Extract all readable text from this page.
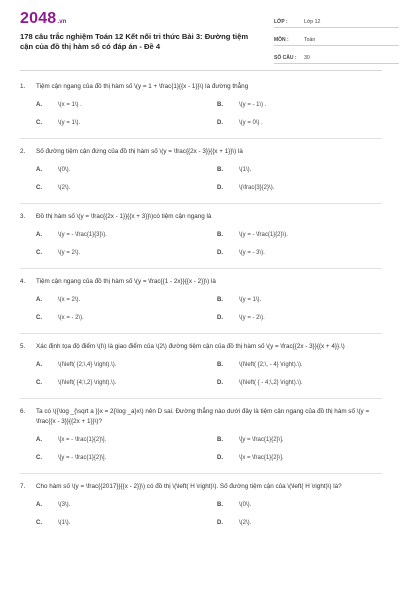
2048.vn
178 câu trắc nghiệm Toán 12 Kết nối tri thức Bài 3: Đường tiệm cận của đồ thị hàm số có đáp án - Đề 4
LỚP :	Lớp 12
MÔN :	Toán
SỐ CÂU :	30
1.	Tiệm cận ngang của đồ thị hàm số \(y = 1 + \frac{1}{{x - 1}}\) là đường thẳng
A.	\(x = 1\) .	B.	\(y = - 1\) .
C.	\(y = 1\).	D.	\(y = 0\) .
2.	Số đường tiệm cận đứng của đồ thị hàm số \(y = \frac{{2x - 3}}{{x + 1}}\) là
A.	\(0\).	B.	\(1\).
C.	\(2\).	D.	\(\frac{3}{2}\).
3.	Đồ thị hàm số \(y = \frac{{2x - 1}}{{x + 3}}\)có tiệm cận ngang là
A.	\(y = - \frac{1}{3}\).	B.	\(y = - \frac{1}{2}\).
C.	\(y = 2\).	D.	\(y = - 3\).
4.	Tiệm cận ngang của đồ thị hàm số \(y = \frac{{1 - 2x}}{{x - 2}}\) là
A.	\(x = 2\).	B.	\(y = 1\).
C.	\(x = - 2\).	D.	\(y = - 2\).
5.	Xác định tọa độ điểm \(I\) là giao điểm của \(2\) đường tiệm cận của đồ thị hàm số \(y = \frac{{2x - 3}}{{x + 4}}.\)
A.	\(I\left( {2;\,4} \right).\).	B.	\(I\left( {2;\, - 4} \right).\).
C.	\(I\left( {4;\,2} \right).\).	D.	\(I\left( { - 4;\,2} \right).\).
6.	Ta có \({\log _{\sqrt a }}x = 2{\log _a}x\) nên D sai. Đường thẳng nào dưới đây là tiệm cận ngang của đồ thị hàm số \(y = \frac{{x - 3}}{{2x + 1}}\)?
A.	\[x = - \frac{1}{2}\].	B.	\[y = \frac{1}{2}\].
C.	\[y = - \frac{1}{2}\].	D.	\[x = \frac{1}{2}\].
7.	Cho hàm số \(y = \frac{{2017}}{{x - 2}}\) có đồ thị \(\left( H \right)\). Số đường tiệm cận của \(\left( H \right)\) là?
A.	\(3\).	B.	\(0\).
C.	\(1\).	D.	\(2\).
